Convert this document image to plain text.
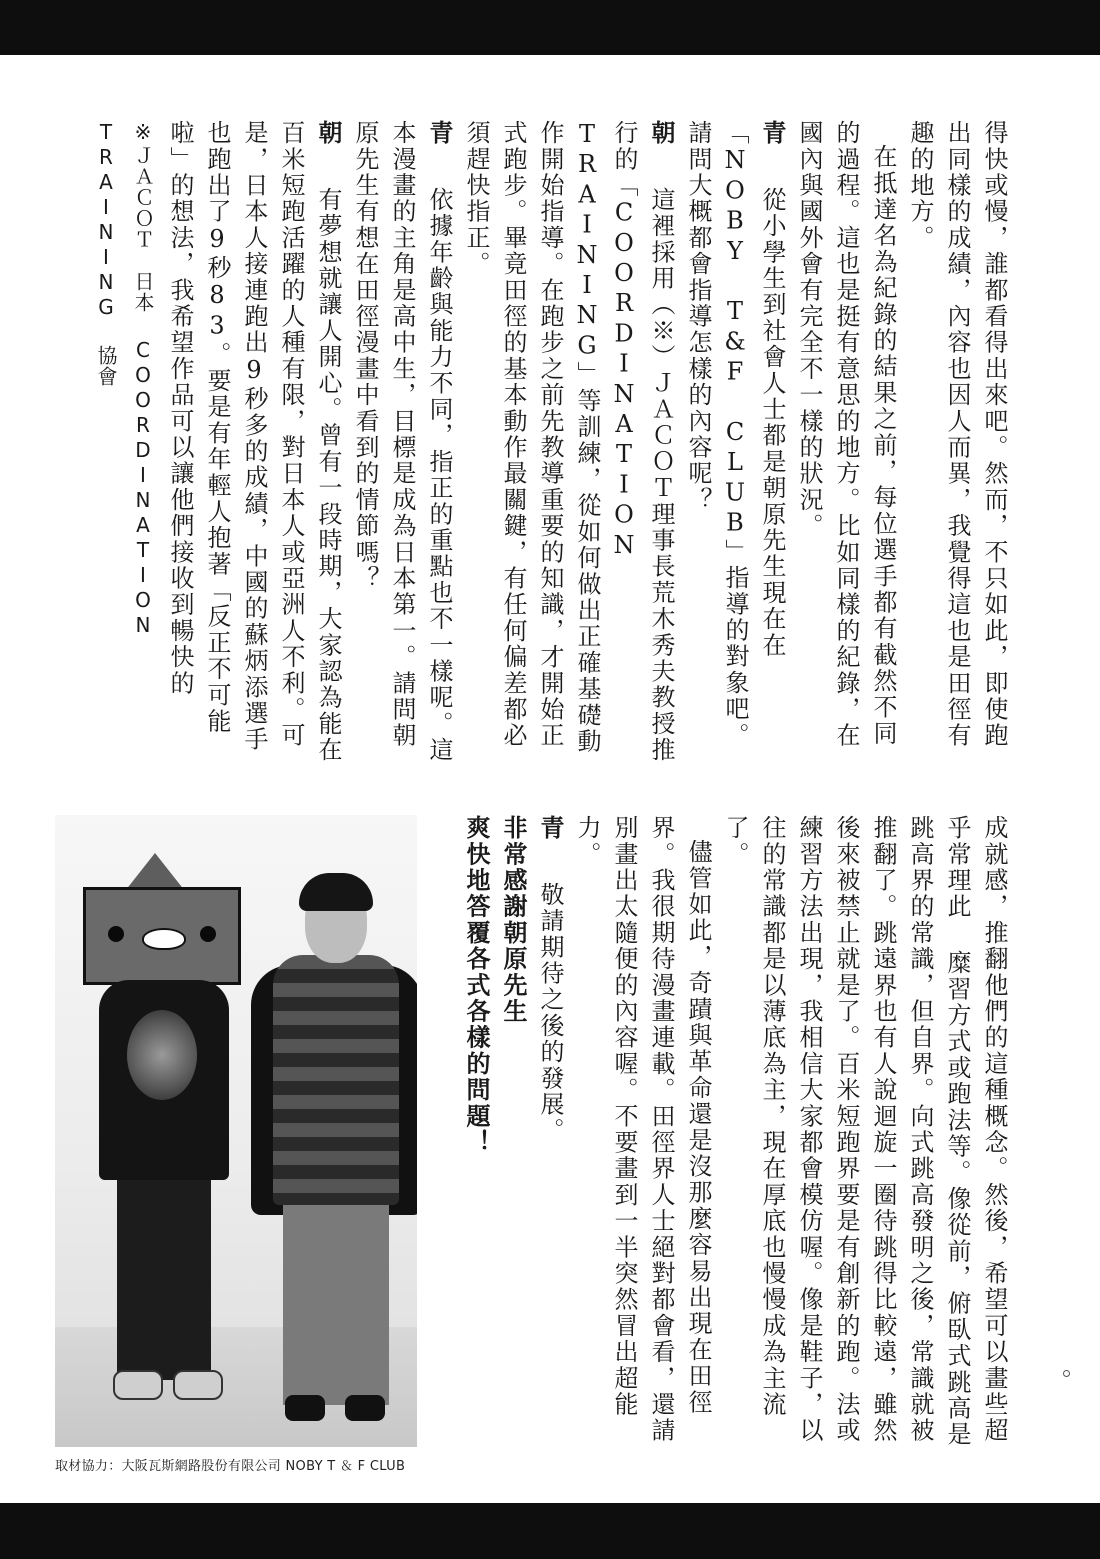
得快或慢，誰都看得出來吧。然而，不只如此，即使跑出同樣的成績，內容也因人而異，我覺得這也是田徑有趣的地方。
在抵達名為紀錄的結果之前，每位選手都有截然不同的過程。這也是挺有意思的地方。比如同樣的紀錄，在國內與國外會有完全不一樣的狀況。
青　從小學生到社會人士都是朝原先生現在在「NOBY T&F CLUB」指導的對象吧。請問大概都會指導怎樣的內容呢？
朝　這裡採用（※）ＪＡＣＯＴ理事長荒木秀夫教授推行的「COORDINATION TRAINING」等訓練，從如何做出正確基礎動作開始指導。在跑步之前先教導重要的知識，才開始正式跑步。畢竟田徑的基本動作最關鍵，有任何偏差都必須趕快指正。
青　依據年齡與能力不同，指正的重點也不一樣呢。這本漫畫的主角是高中生，目標是成為日本第一。請問朝原先生有想在田徑漫畫中看到的情節嗎？
朝　有夢想就讓人開心。曾有一段時期，大家認為能在百米短跑活躍的人種有限，對日本人或亞洲人不利。可是，日本人接連跑出9秒多的成績，中國的蘇炳添選手也跑出了9秒83。要是有年輕人抱著「反正不可能啦」的想法，我希望作品可以讓他們接收到暢快的
※ＪＡＣＯＴ　日本 COORDINATION TRAINING 協會
成就感，推翻他們的這種概念。然後，希望可以畫些超乎常理此 糜習方式或跑法等。像從前，俯臥式跳高是跳高界的常識，但自界。向式跳高發明之後，常識就被推翻了。跳遠界也有人說迴旋一圈待跳得比較遠，雖然後來被禁止就是了。百米短跑界要是有創新的跑。法或練習方法出現，我相信大家都會模仿喔。像是鞋子，以往的常識都是以薄底為主，現在厚底也慢慢成為主流了。
儘管如此，奇蹟與革命還是沒那麼容易出現在田徑界。我很期待漫畫連載。田徑界人士絕對都會看，還請別畫出太隨便的內容喔。不要畫到一半突然冒出超能力。
青　敬請期待之後的發展。
非常感謝朝原先生
爽快地答覆各式各樣的問題！
取材協力：大阪瓦斯網路股份有限公司 NOBY T ＆ F CLUB
